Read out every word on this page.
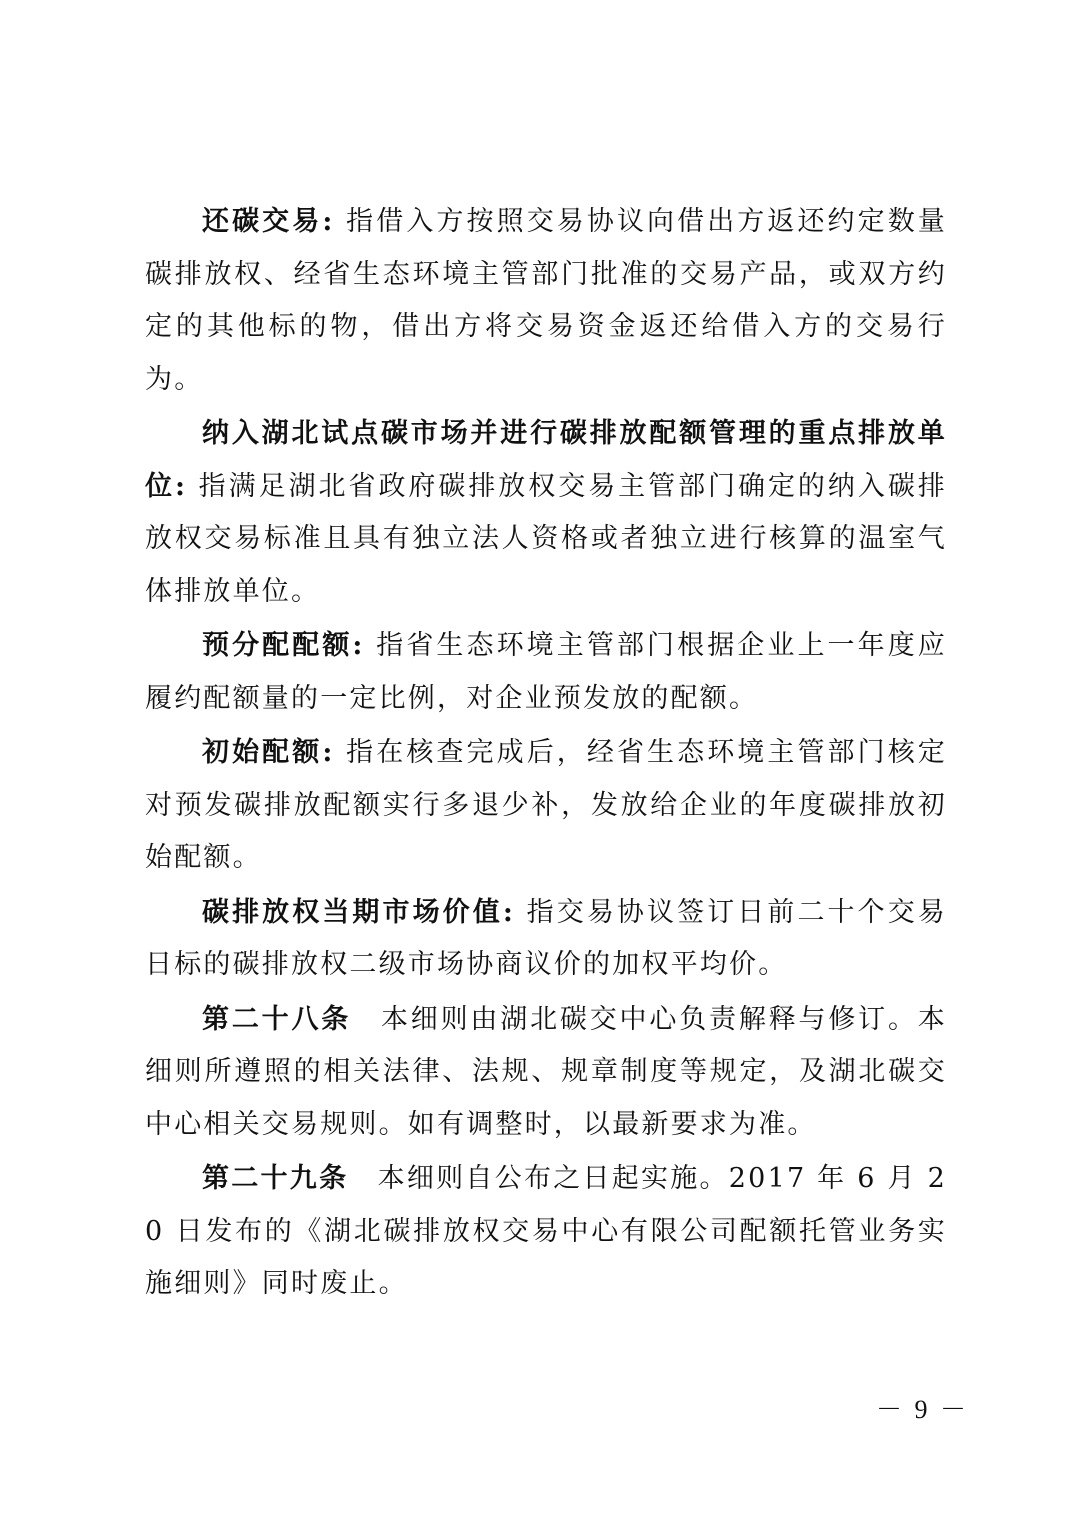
还碳交易: 指借入方按照交易协议向借出方返还约定数量碳排放权、经省生态环境主管部门批准的交易产品，或双方约定的其他标的物，借出方将交易资金返还给借入方的交易行为。

纳入湖北试点碳市场并进行碳排放配额管理的重点排放单位: 指满足湖北省政府碳排放权交易主管部门确定的纳入碳排放权交易标准且具有独立法人资格或者独立进行核算的温室气体排放单位。

预分配配额: 指省生态环境主管部门根据企业上一年度应履约配额量的一定比例，对企业预发放的配额。

初始配额: 指在核查完成后，经省生态环境主管部门核定对预发碳排放配额实行多退少补，发放给企业的年度碳排放初始配额。

碳排放权当期市场价值: 指交易协议签订日前二十个交易日标的碳排放权二级市场协商议价的加权平均价。

第二十八条　本细则由湖北碳交中心负责解释与修订。本细则所遵照的相关法律、法规、规章制度等规定，及湖北碳交中心相关交易规则。如有调整时，以最新要求为准。

第二十九条　本细则自公布之日起实施。2017 年 6 月 20 日发布的《湖北碳排放权交易中心有限公司配额托管业务实施细则》同时废止。

－ 9 －
